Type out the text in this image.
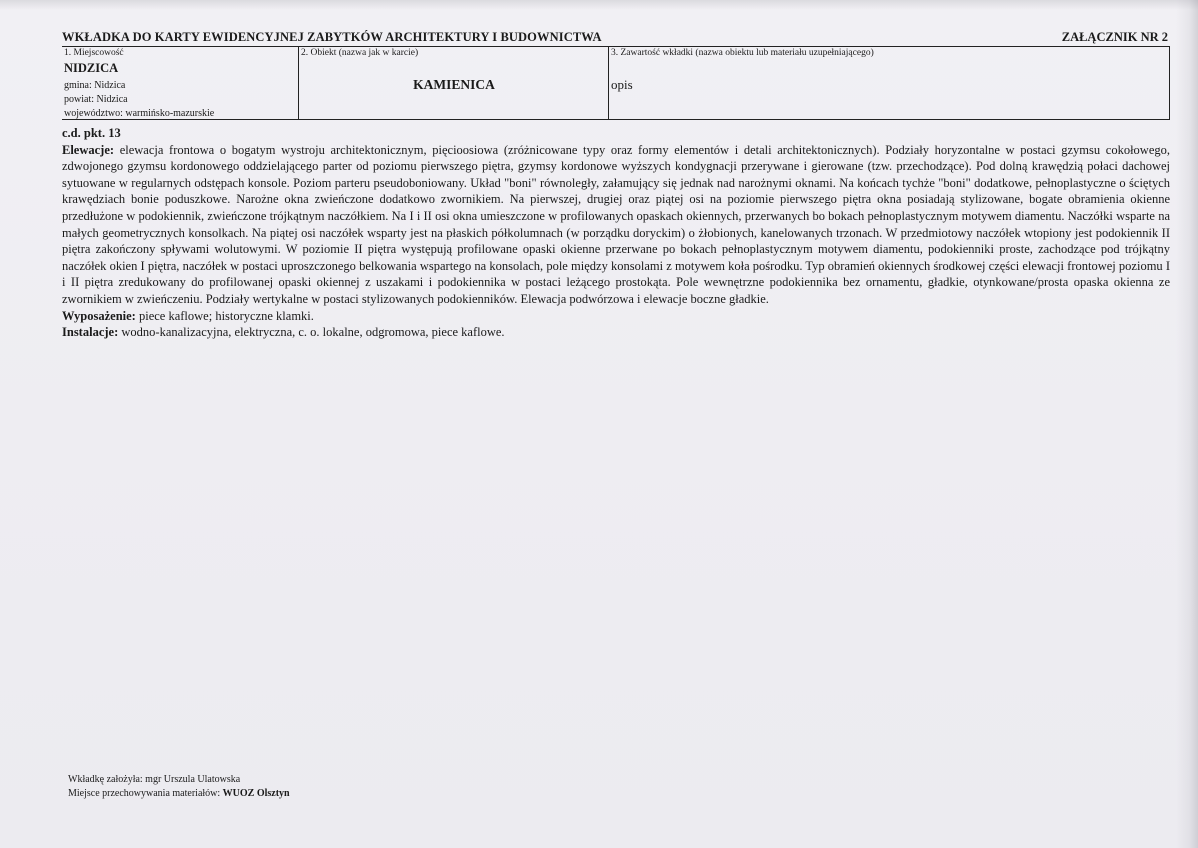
WKŁADKA DO KARTY EWIDENCYJNEJ ZABYTKÓW ARCHITEKTURY I BUDOWNICTWA	ZAŁĄCZNIK NR 2
1. Miejscowość
NIDZICA
gmina: Nidzica
powiat: Nidzica
województwo: warmińsko-mazurskie
2. Obiekt (nazwa jak w karcie)
KAMIENICA
3. Zawartość wkładki (nazwa obiektu lub materiału uzupełniającego)
opis

c.d. pkt. 13

Elewacje: elewacja frontowa o bogatym wystroju architektonicznym, pięcioosiowa (zróżnicowane typy oraz formy elementów i detali architektonicznych). Podziały horyzontalne w postaci gzymsu cokołowego, zdwojonego gzymsu kordonowego oddzielającego parter od poziomu pierwszego piętra, gzymsy kordonowe wyższych kondygnacji przerywane i gierowane (tzw. przechodzące). Pod dolną krawędzią połaci dachowej sytuowane w regularnych odstępach konsole. Poziom parteru pseudoboniowany. Układ "boni" równoległy, załamujący się jednak nad narożnymi oknami. Na końcach tychże "boni" dodatkowe, pełnoplastyczne o ściętych krawędziach bonie poduszkowe. Narożne okna zwieńczone dodatkowo zwornikiem. Na pierwszej, drugiej oraz piątej osi na poziomie pierwszego piętra okna posiadają stylizowane, bogate obramienia okienne przedłużone w podokiennik, zwieńczone trójkątnym naczółkiem. Na I i II osi okna umieszczone w profilowanych opaskach okiennych, przerwanych bo bokach pełnoplastycznym motywem diamentu. Naczółki wsparte na małych geometrycznych konsolkach. Na piątej osi naczółek wsparty jest na płaskich półkolumnach (w porządku doryckim) o żłobionych, kanelowanych trzonach. W przedmiotowy naczółek wtopiony jest podokiennik II piętra zakończony spływami wolutowymi. W poziomie II piętra występują profilowane opaski okienne przerwane po bokach pełnoplastycznym motywem diamentu, podokienniki proste, zachodzące pod trójkątny naczółek okien I piętra, naczółek w postaci uproszczonego belkowania wspartego na konsolach, pole między konsolami z motywem koła pośrodku. Typ obramień okiennych środkowej części elewacji frontowej poziomu I i II piętra zredukowany do profilowanej opaski okiennej z uszakami i podokiennika w postaci leżącego prostokąta. Pole wewnętrzne podokiennika bez ornamentu, gładkie, otynkowane/prosta opaska okienna ze zwornikiem w zwieńczeniu. Podziały wertykalne w postaci stylizowanych podokienników. Elewacja podwórzowa i elewacje boczne gładkie.

Wyposażenie: piece kaflowe; historyczne klamki.

Instalacje: wodno-kanalizacyjna, elektryczna, c. o. lokalne, odgromowa, piece kaflowe.

Wkładkę założyła: mgr Urszula Ulatowska
Miejsce przechowywania materiałów: WUOZ Olsztyn
